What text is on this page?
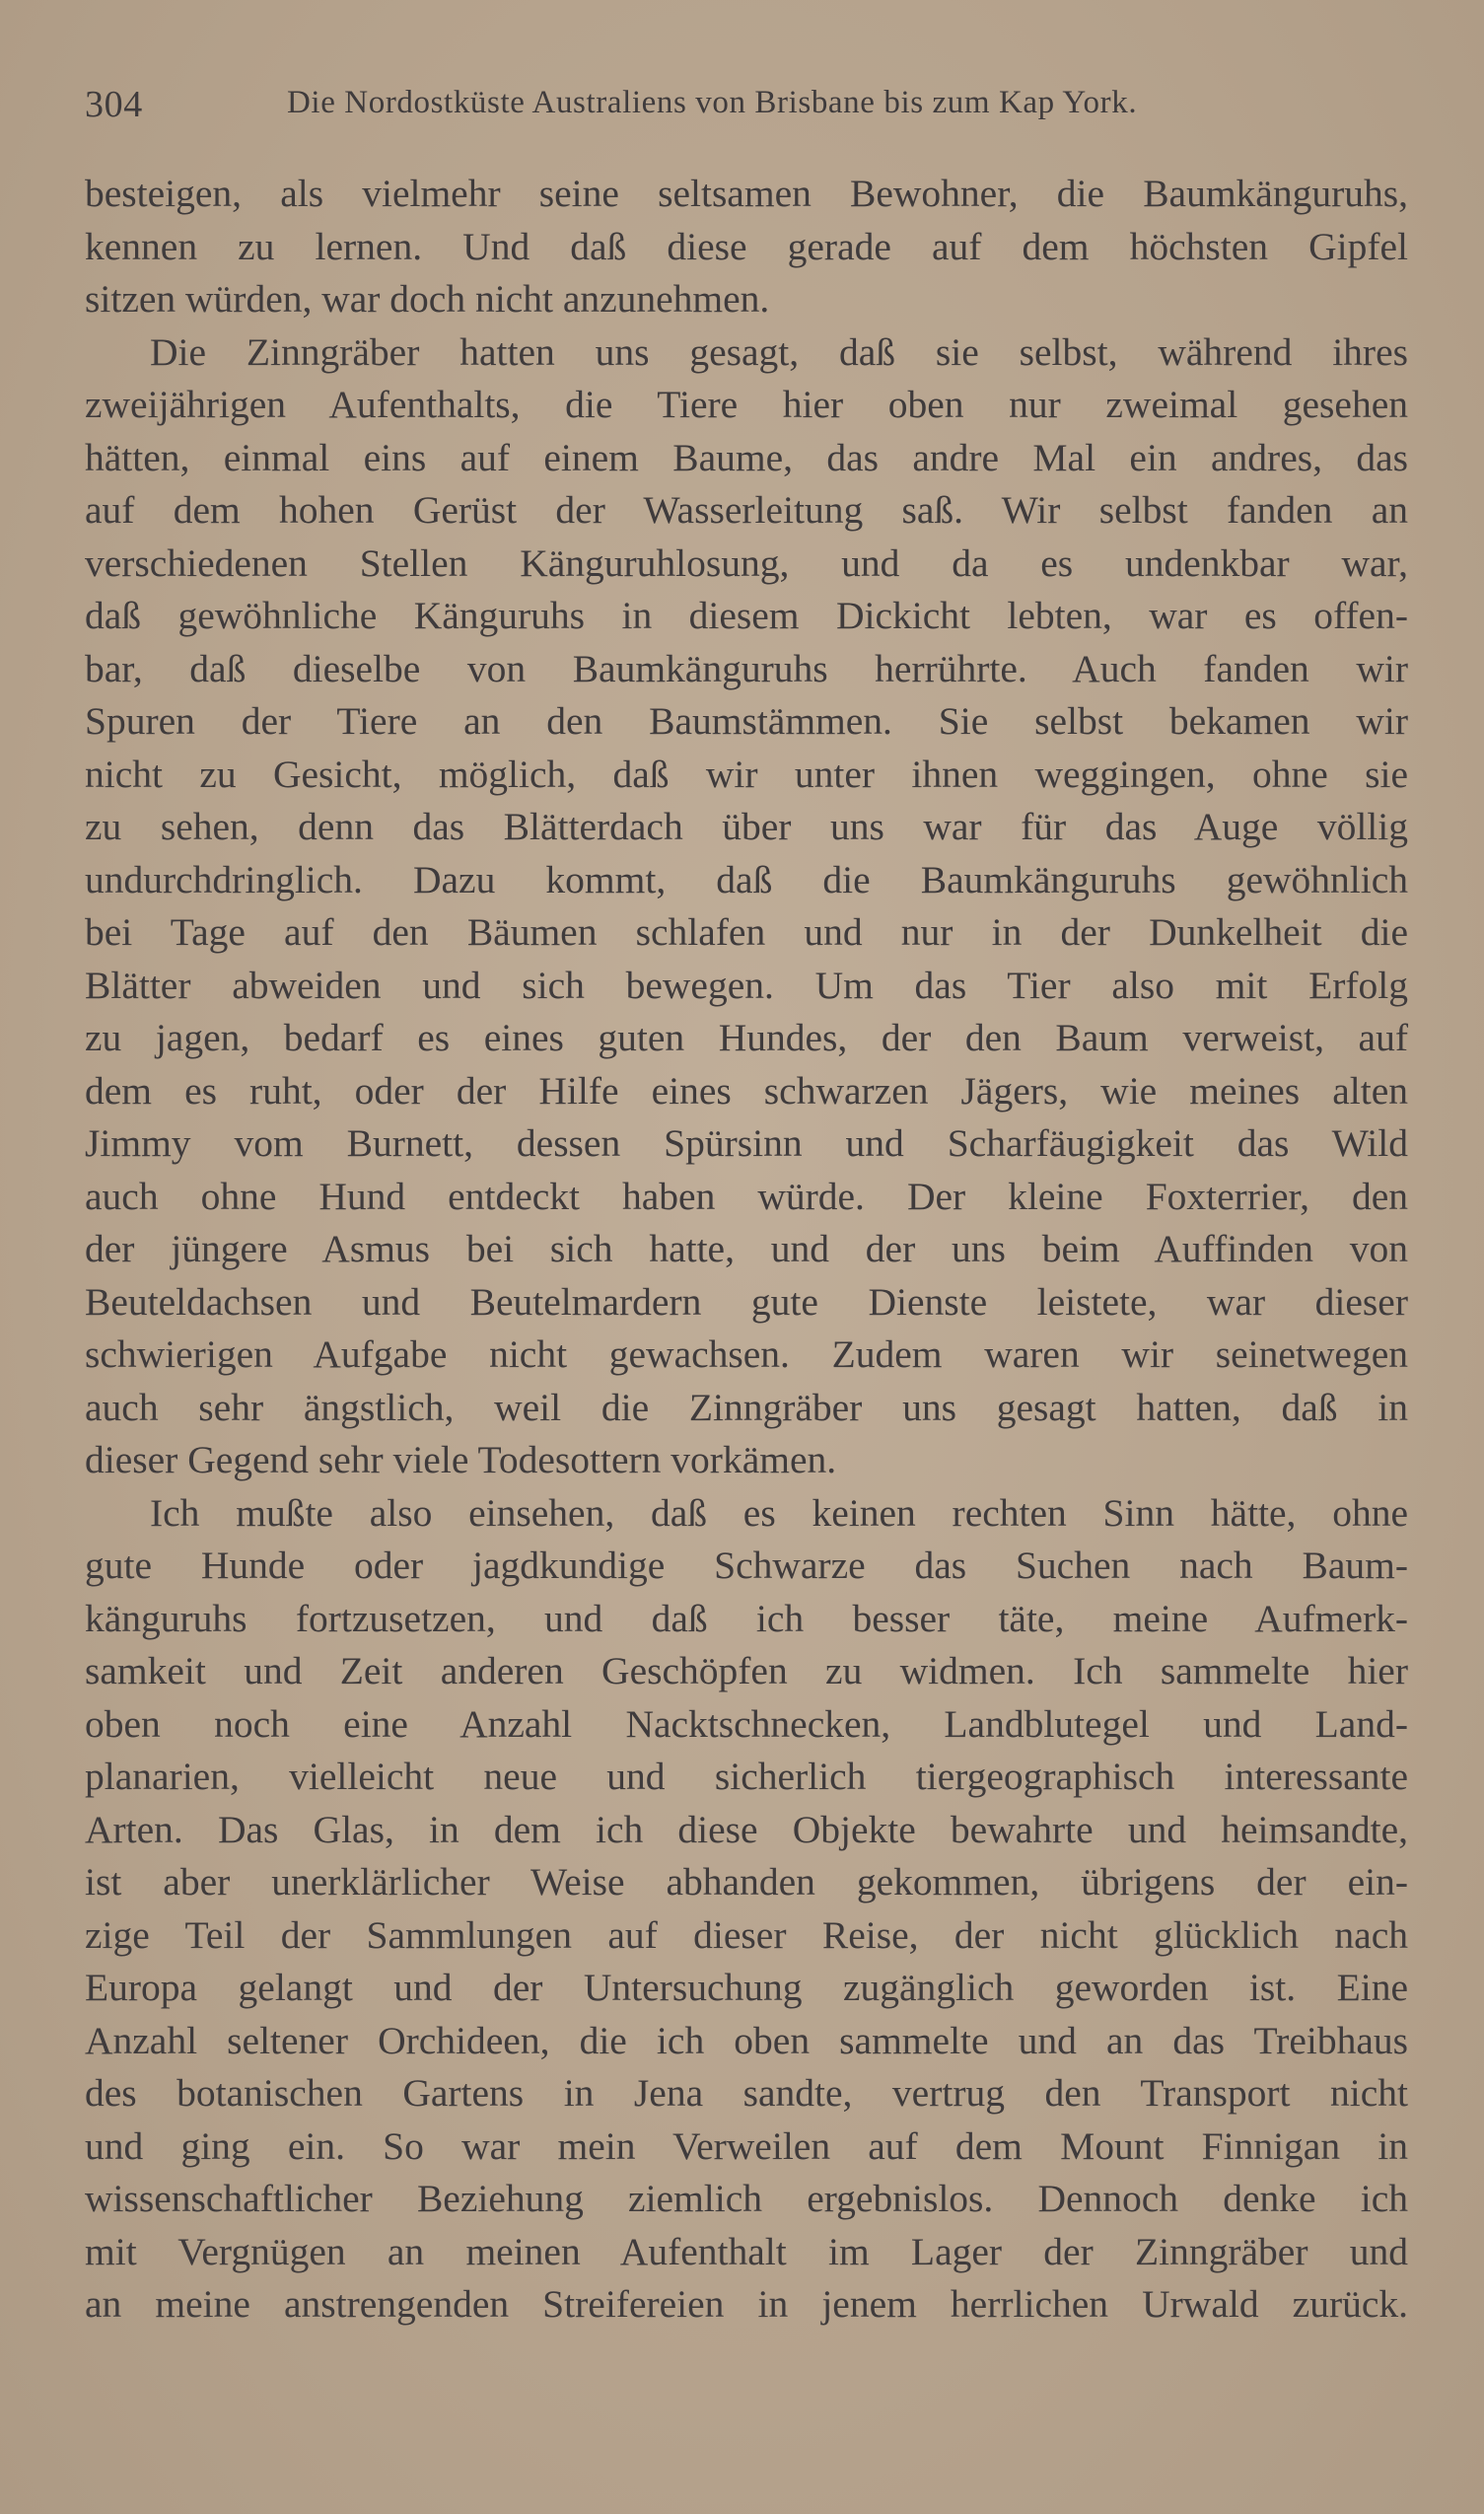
304	Die Nordostküste Australiens von Brisbane bis zum Kap York.
besteigen, als vielmehr seine seltsamen Bewohner, die Baumkänguruhs,
kennen zu lernen. Und daß diese gerade auf dem höchsten Gipfel
sitzen würden, war doch nicht anzunehmen.
Die Zinngräber hatten uns gesagt, daß sie selbst, während ihres
zweijährigen Aufenthalts, die Tiere hier oben nur zweimal gesehen
hätten, einmal eins auf einem Baume, das andre Mal ein andres, das
auf dem hohen Gerüst der Wasserleitung saß. Wir selbst fanden an
verschiedenen Stellen Känguruhlosung, und da es undenkbar war,
daß gewöhnliche Känguruhs in diesem Dickicht lebten, war es offen-
bar, daß dieselbe von Baumkänguruhs herrührte. Auch fanden wir
Spuren der Tiere an den Baumstämmen. Sie selbst bekamen wir
nicht zu Gesicht, möglich, daß wir unter ihnen weggingen, ohne sie
zu sehen, denn das Blätterdach über uns war für das Auge völlig
undurchdringlich. Dazu kommt, daß die Baumkänguruhs gewöhnlich
bei Tage auf den Bäumen schlafen und nur in der Dunkelheit die
Blätter abweiden und sich bewegen. Um das Tier also mit Erfolg
zu jagen, bedarf es eines guten Hundes, der den Baum verweist, auf
dem es ruht, oder der Hilfe eines schwarzen Jägers, wie meines alten
Jimmy vom Burnett, dessen Spürsinn und Scharfäugigkeit das Wild
auch ohne Hund entdeckt haben würde. Der kleine Foxterrier, den
der jüngere Asmus bei sich hatte, und der uns beim Auffinden von
Beuteldachsen und Beutelmardern gute Dienste leistete, war dieser
schwierigen Aufgabe nicht gewachsen. Zudem waren wir seinetwegen
auch sehr ängstlich, weil die Zinngräber uns gesagt hatten, daß in
dieser Gegend sehr viele Todesottern vorkämen.
Ich mußte also einsehen, daß es keinen rechten Sinn hätte, ohne
gute Hunde oder jagdkundige Schwarze das Suchen nach Baum-
känguruhs fortzusetzen, und daß ich besser täte, meine Aufmerk-
samkeit und Zeit anderen Geschöpfen zu widmen. Ich sammelte hier
oben noch eine Anzahl Nacktschnecken, Landblutegel und Land-
planarien, vielleicht neue und sicherlich tiergeographisch interessante
Arten. Das Glas, in dem ich diese Objekte bewahrte und heimsandte,
ist aber unerklärlicher Weise abhanden gekommen, übrigens der ein-
zige Teil der Sammlungen auf dieser Reise, der nicht glücklich nach
Europa gelangt und der Untersuchung zugänglich geworden ist. Eine
Anzahl seltener Orchideen, die ich oben sammelte und an das Treibhaus
des botanischen Gartens in Jena sandte, vertrug den Transport nicht
und ging ein. So war mein Verweilen auf dem Mount Finnigan in
wissenschaftlicher Beziehung ziemlich ergebnislos. Dennoch denke ich
mit Vergnügen an meinen Aufenthalt im Lager der Zinngräber und
an meine anstrengenden Streifereien in jenem herrlichen Urwald zurück.
